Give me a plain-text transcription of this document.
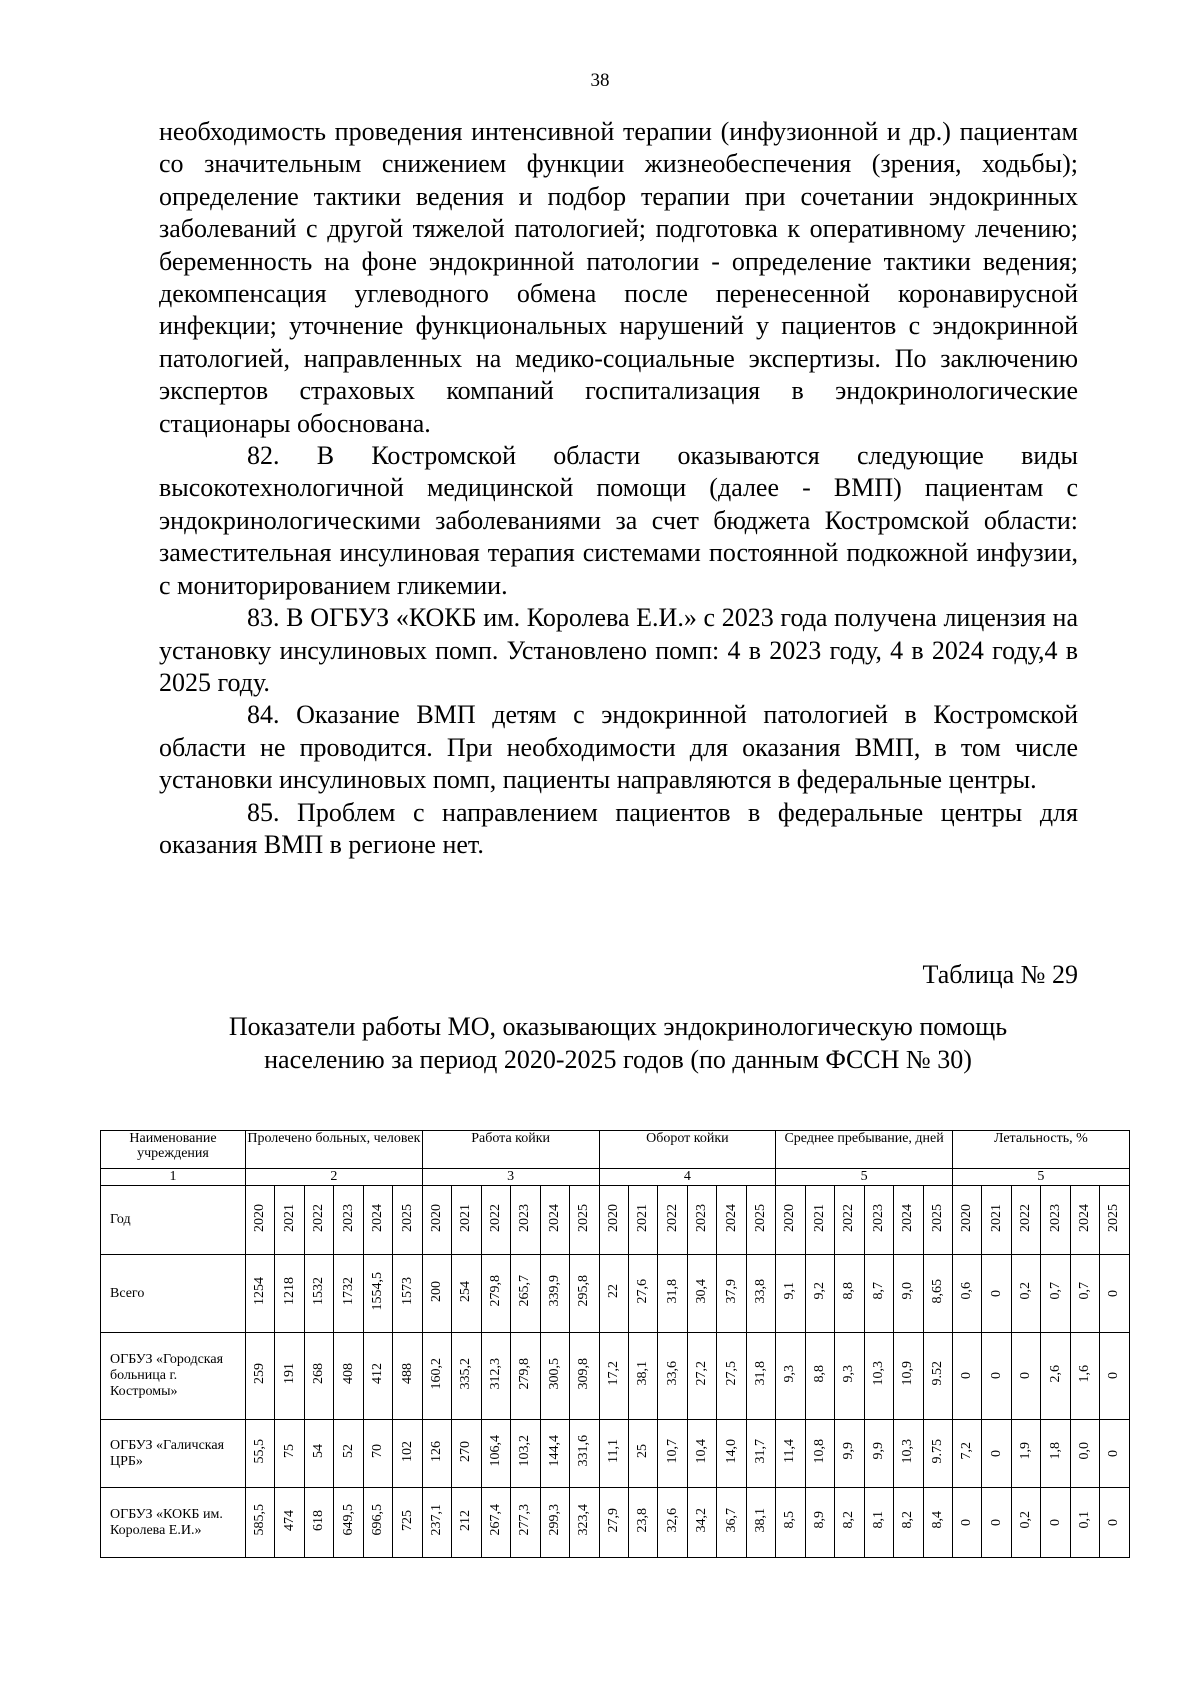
38

необходимость проведения интенсивной терапии (инфузионной и др.) пациентам со значительным снижением функции жизнеобеспечения (зрения, ходьбы); определение тактики ведения и подбор терапии при сочетании эндокринных заболеваний с другой тяжелой патологией; подготовка к оперативному лечению; беременность на фоне эндокринной патологии - определение тактики ведения; декомпенсация углеводного обмена после перенесенной коронавирусной инфекции; уточнение функциональных нарушений у пациентов с эндокринной патологией, направленных на медико-социальные экспертизы. По заключению экспертов страховых компаний госпитализация в эндокринологические стационары обоснована.

82. В Костромской области оказываются следующие виды высокотехнологичной медицинской помощи (далее - ВМП) пациентам с эндокринологическими заболеваниями за счет бюджета Костромской области: заместительная инсулиновая терапия системами постоянной подкожной инфузии, с мониторированием гликемии.

83. В ОГБУЗ «КОКБ им. Королева Е.И.» с 2023 года получена лицензия на установку инсулиновых помп. Установлено помп: 4 в 2023 году, 4 в 2024 году,4 в 2025 году.

84. Оказание ВМП детям с эндокринной патологией в Костромской области не проводится. При необходимости для оказания ВМП, в том числе установки инсулиновых помп, пациенты направляются в федеральные центры.

85. Проблем с направлением пациентов в федеральные центры для оказания ВМП в регионе нет.

Таблица № 29
Показатели работы МО, оказывающих эндокринологическую помощь
населению за период 2020-2025 годов (по данным ФССН № 30)
Наименование учреждения	Пролечено больных, человек						Работа койки						Оборот койки						Среднее пребывание, дней						Летальность, %					
1	2						3						4						5						5					
Год	2020	2021	2022	2023	2024	2025	2020	2021	2022	2023	2024	2025	2020	2021	2022	2023	2024	2025	2020	2021	2022	2023	2024	2025	2020	2021	2022	2023	2024	2025
Всего	1254	1218	1532	1732	1554,5	1573	200	254	279,8	265,7	339,9	295,8	22	27,6	31,8	30,4	37,9	33,8	9,1	9,2	8,8	8,7	9,0	8,65	0,6	0	0,2	0,7	0,7	0
ОГБУЗ «Городская больница г. Костромы»	259	191	268	408	412	488	160,2	335,2	312,3	279,8	300,5	309,8	17,2	38,1	33,6	27,2	27,5	31,8	9,3	8,8	9,3	10,3	10,9	9.52	0	0	0	2,6	1,6	0
ОГБУЗ «Галичская ЦРБ»	55,5	75	54	52	70	102	126	270	106,4	103,2	144,4	331,6	11,1	25	10,7	10,4	14,0	31,7	11,4	10,8	9,9	9,9	10,3	9.75	7,2	0	1,9	1,8	0,0	0
ОГБУЗ «КОКБ им. Королева Е.И.»	585,5	474	618	649,5	696,5	725	237,1	212	267,4	277,3	299,3	323,4	27,9	23,8	32,6	34,2	36,7	38,1	8,5	8,9	8,2	8,1	8,2	8,4	0	0	0,2	0	0,1	0
